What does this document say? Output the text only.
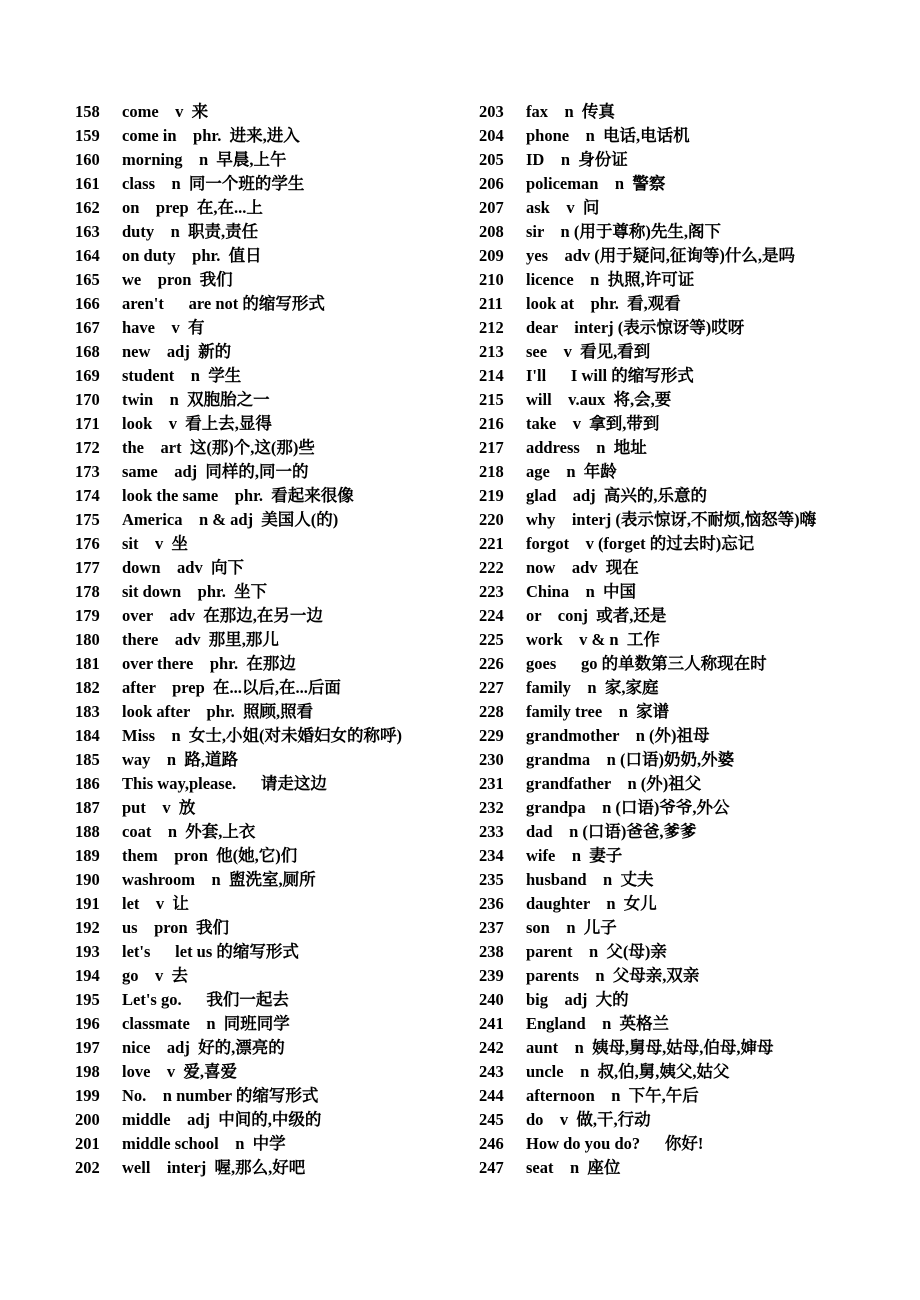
158 come    v  来
159 come in    phr.  进来,进入
160 morning    n  早晨,上午
161 class    n  同一个班的学生
162 on    prep  在,在...上
163 duty    n  职责,责任
164 on duty    phr.  值日
165 we    pron  我们
166 aren't      are not 的缩写形式
167 have    v  有
168 new    adj  新的
169 student    n  学生
170 twin    n  双胞胎之一
171 look    v  看上去,显得
172 the    art  这(那)个,这(那)些
173 same    adj  同样的,同一的
174 look the same    phr.  看起来很像
175 America    n & adj  美国人(的)
176 sit    v  坐
177 down    adv  向下
178 sit down    phr.  坐下
179 over    adv  在那边,在另一边
180 there    adv  那里,那儿
181 over there    phr.  在那边
182 after    prep  在...以后,在...后面
183 look after    phr.  照顾,照看
184 Miss    n  女士,小姐(对未婚妇女的称呼)
185 way    n  路,道路
186 This way,please.      请走这边
187 put    v  放
188 coat    n  外套,上衣
189 them    pron  他(她,它)们
190 washroom    n  盥洗室,厕所
191 let    v  让
192 us    pron  我们
193 let's      let us 的缩写形式
194 go    v  去
195 Let's go.      我们一起去
196 classmate    n  同班同学
197 nice    adj  好的,漂亮的
198 love    v  爱,喜爱
199 No.    n number 的缩写形式
200 middle    adj  中间的,中级的
201 middle school    n  中学
202 well    interj  喔,那么,好吧
203 fax    n  传真
204 phone    n  电话,电话机
205 ID    n  身份证
206 policeman    n  警察
207 ask    v  问
208 sir    n (用于尊称)先生,阁下
209 yes    adv (用于疑问,征询等)什么,是吗
210 licence    n  执照,许可证
211 look at    phr.  看,观看
212 dear    interj (表示惊讶等)哎呀
213 see    v  看见,看到
214 I'll      I will 的缩写形式
215 will    v.aux  将,会,要
216 take    v  拿到,带到
217 address    n  地址
218 age    n  年龄
219 glad    adj  高兴的,乐意的
220 why    interj (表示惊讶,不耐烦,恼怒等)嗨
221 forgot    v (forget 的过去时)忘记
222 now    adv  现在
223 China    n  中国
224 or    conj  或者,还是
225 work    v & n  工作
226 goes      go 的单数第三人称现在时
227 family    n  家,家庭
228 family tree    n  家谱
229 grandmother    n (外)祖母
230 grandma    n (口语)奶奶,外婆
231 grandfather    n (外)祖父
232 grandpa    n (口语)爷爷,外公
233 dad    n (口语)爸爸,爹爹
234 wife    n  妻子
235 husband    n  丈夫
236 daughter    n  女儿
237 son    n  儿子
238 parent    n  父(母)亲
239 parents    n  父母亲,双亲
240 big    adj  大的
241 England    n  英格兰
242 aunt    n  姨母,舅母,姑母,伯母,婶母
243 uncle    n  叔,伯,舅,姨父,姑父
244 afternoon    n  下午,午后
245 do    v  做,干,行动
246 How do you do?      你好!
247 seat    n  座位
